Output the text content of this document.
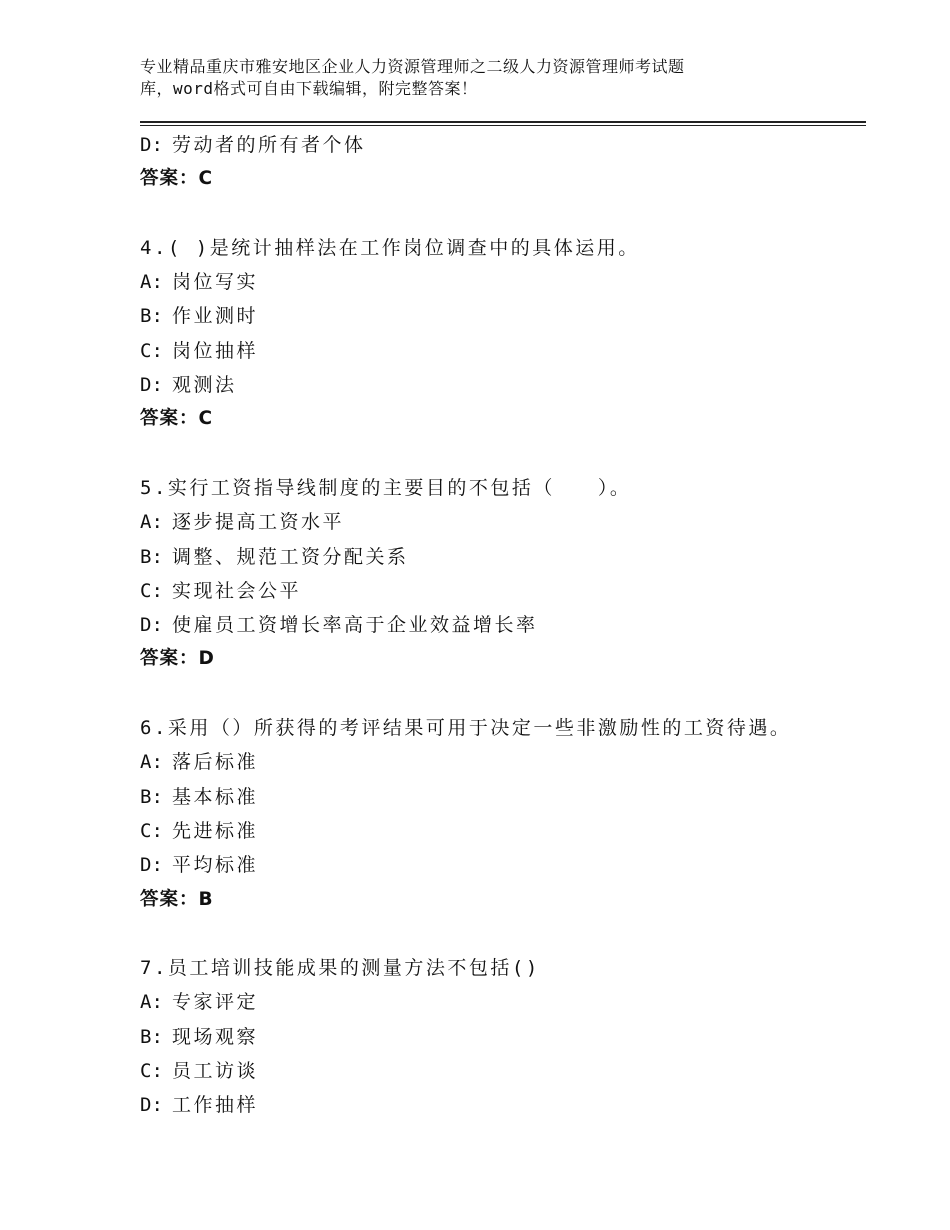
专业精品重庆市雅安地区企业人力资源管理师之二级人力资源管理师考试题
库，word格式可自由下载编辑，附完整答案！
D: 劳动者的所有者个体
答案：C
4.( )是统计抽样法在工作岗位调查中的具体运用。
A: 岗位写实
B: 作业测时
C: 岗位抽样
D: 观测法
答案：C
5.实行工资指导线制度的主要目的不包括（　　）。
A: 逐步提高工资水平
B: 调整、规范工资分配关系
C: 实现社会公平
D: 使雇员工资增长率高于企业效益增长率
答案：D
6.采用（）所获得的考评结果可用于决定一些非激励性的工资待遇。
A: 落后标准
B: 基本标准
C: 先进标准
D: 平均标准
答案：B
7.员工培训技能成果的测量方法不包括()
A: 专家评定
B: 现场观察
C: 员工访谈
D: 工作抽样
